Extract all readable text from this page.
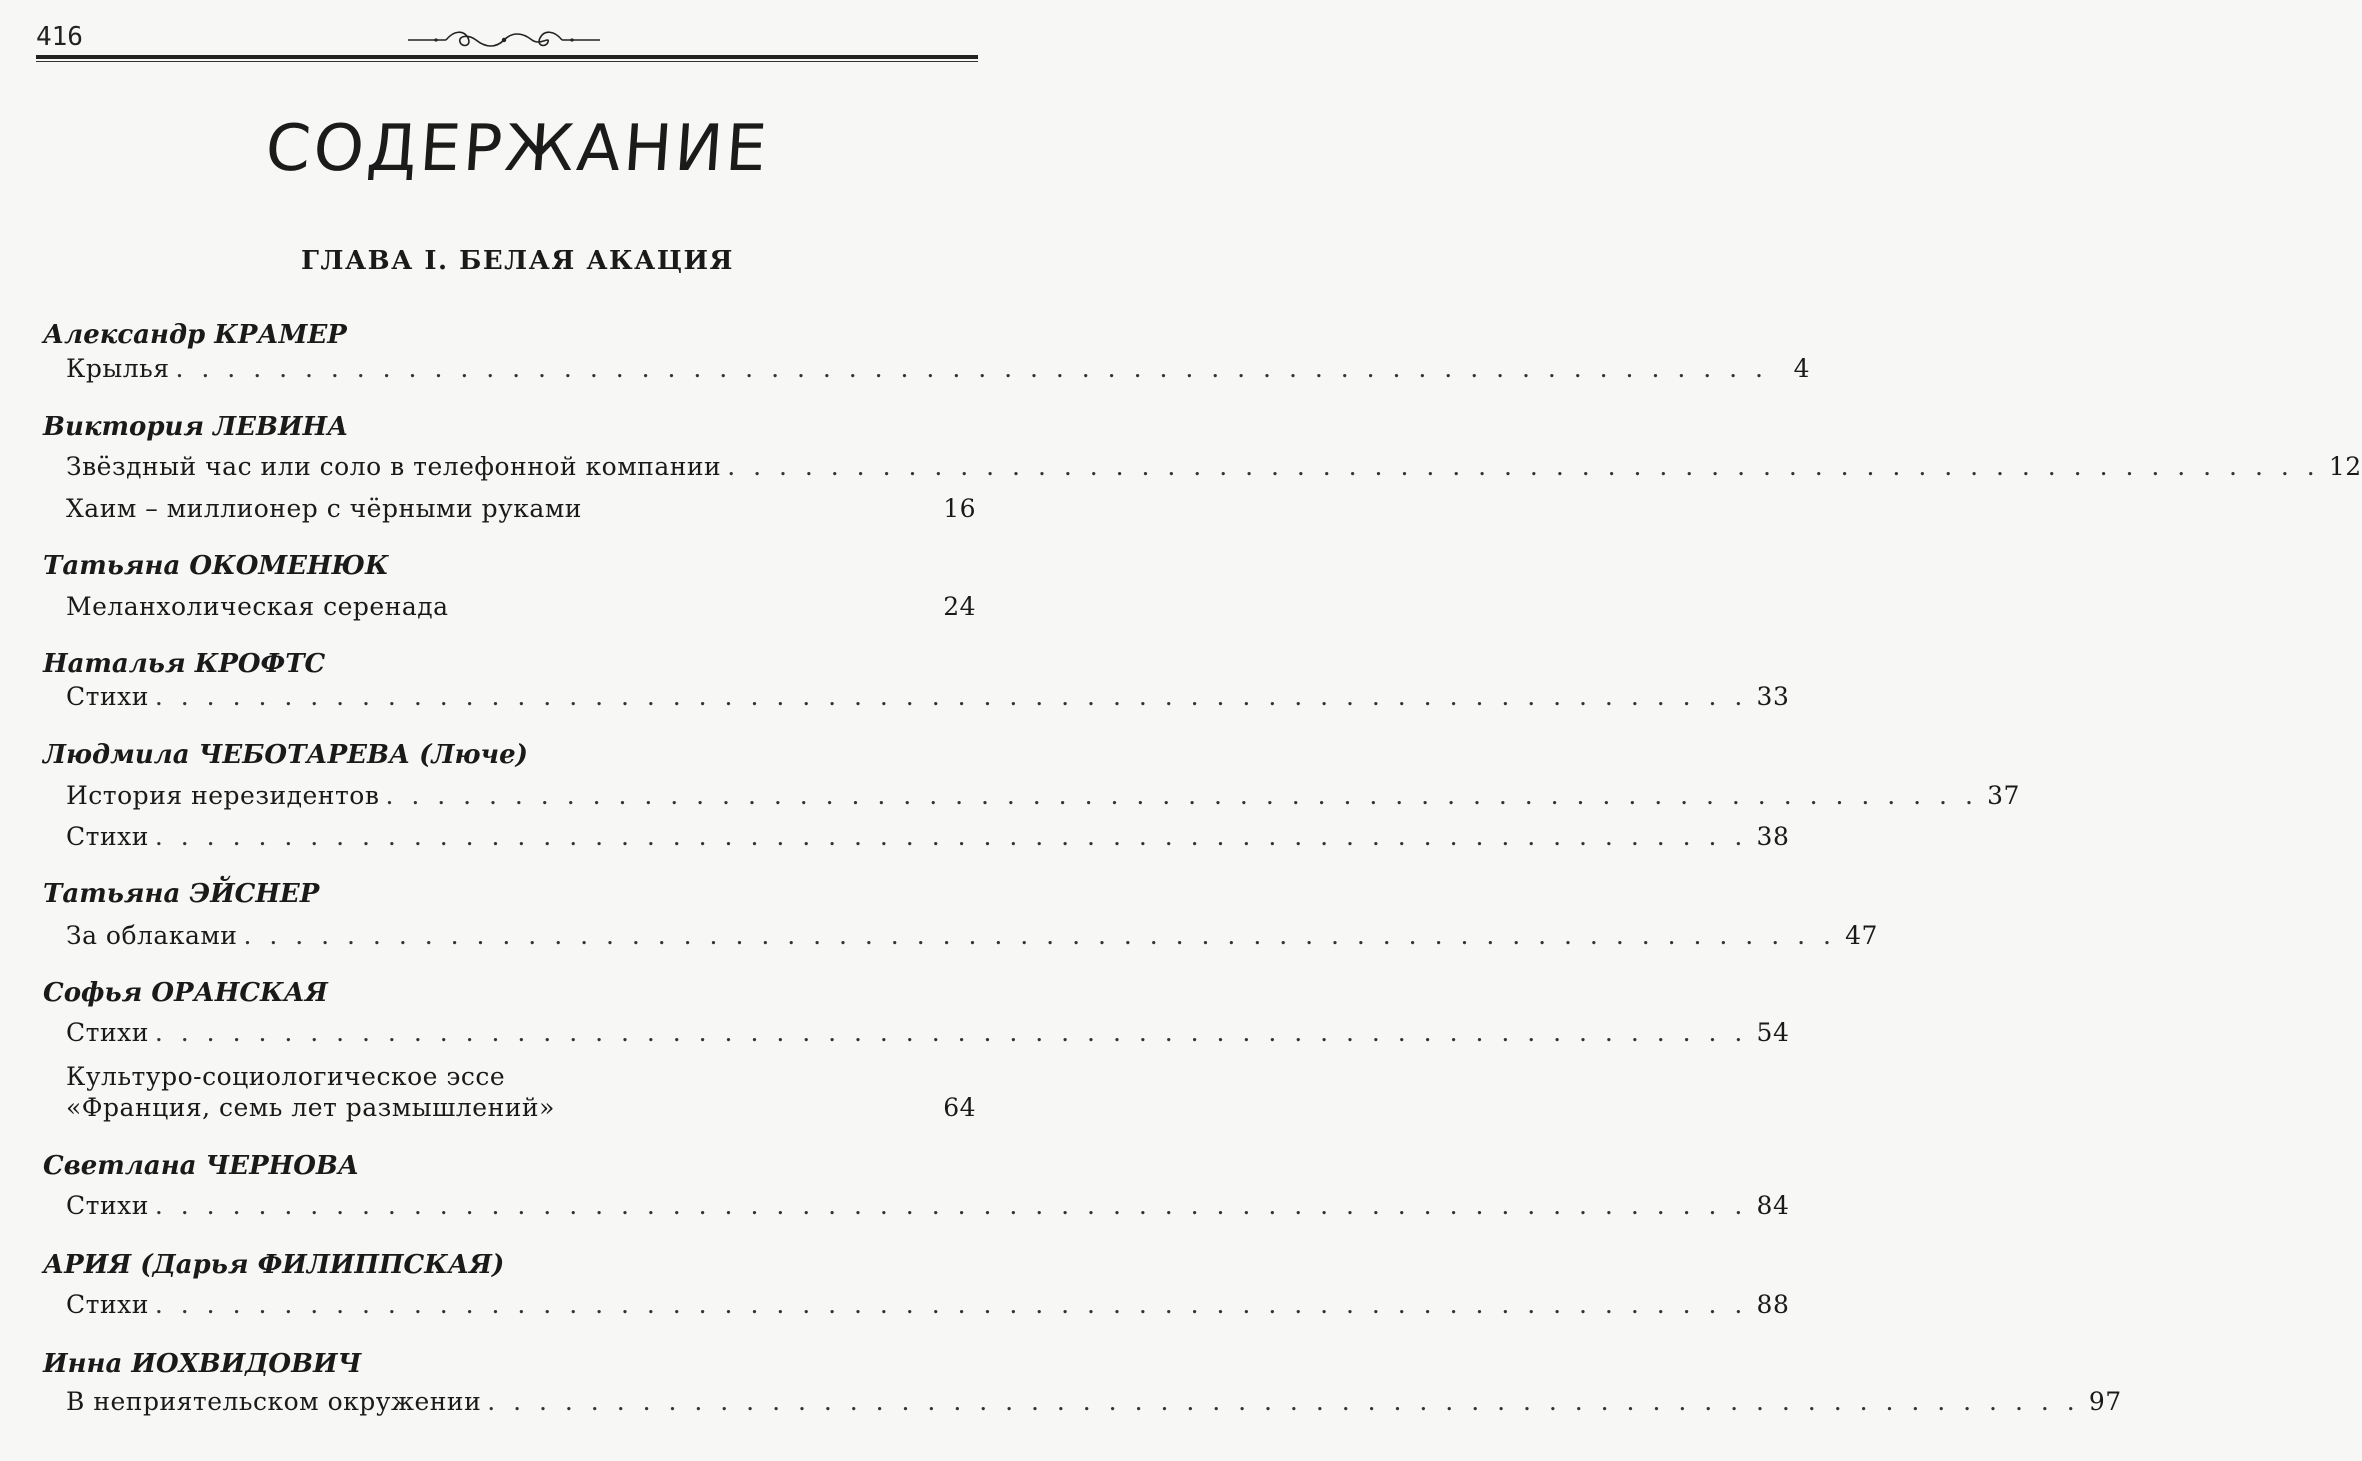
416
СОДЕРЖАНИЕ
ГЛАВА I. БЕЛАЯ АКАЦИЯ
Александр КРАМЕР
Крылья . . . . . . . . . . . . . . . . . . . . . . . . . . . . . . . . . . . . . . . . . . . . . . . . . . . . . . . . . . . . . .	4
Виктория ЛЕВИНА
Звёздный час или соло в телефонной компании . . . . . . . . . . . . . . . . . . . . . . . . . . . . . . . . . . . . . . . . . . . . . . . . . . . . . . . . . . . . . . 12
Хаим – миллионер с чёрными руками	16
Татьяна ОКОМЕНЮК
Меланхолическая серенада	24
Наталья КРОФТС
Стихи . . . . . . . . . . . . . . . . . . . . . . . . . . . . . . . . . . . . . . . . . . . . . . . . . . . . . . . . . . . . . . 33
Людмила ЧЕБОТАРЕВА (Люче)
История нерезидентов . . . . . . . . . . . . . . . . . . . . . . . . . . . . . . . . . . . . . . . . . . . . . . . . . . . . . . . . . . . . . . 37
Стихи . . . . . . . . . . . . . . . . . . . . . . . . . . . . . . . . . . . . . . . . . . . . . . . . . . . . . . . . . . . . . . 38
Татьяна ЭЙСНЕР
За облаками . . . . . . . . . . . . . . . . . . . . . . . . . . . . . . . . . . . . . . . . . . . . . . . . . . . . . . . . . . . . . . 47
Софья ОРАНСКАЯ
Стихи . . . . . . . . . . . . . . . . . . . . . . . . . . . . . . . . . . . . . . . . . . . . . . . . . . . . . . . . . . . . . . 54
Культуро-социологическое эссе
«Франция, семь лет размышлений»	64
Светлана ЧЕРНОВА
Стихи . . . . . . . . . . . . . . . . . . . . . . . . . . . . . . . . . . . . . . . . . . . . . . . . . . . . . . . . . . . . . . 84
АРИЯ (Дарья ФИЛИППСКАЯ)
Стихи . . . . . . . . . . . . . . . . . . . . . . . . . . . . . . . . . . . . . . . . . . . . . . . . . . . . . . . . . . . . . . 88
Инна ИОХВИДОВИЧ
В неприятельском окружении . . . . . . . . . . . . . . . . . . . . . . . . . . . . . . . . . . . . . . . . . . . . . . . . . . . . . . . . . . . . . . 97
